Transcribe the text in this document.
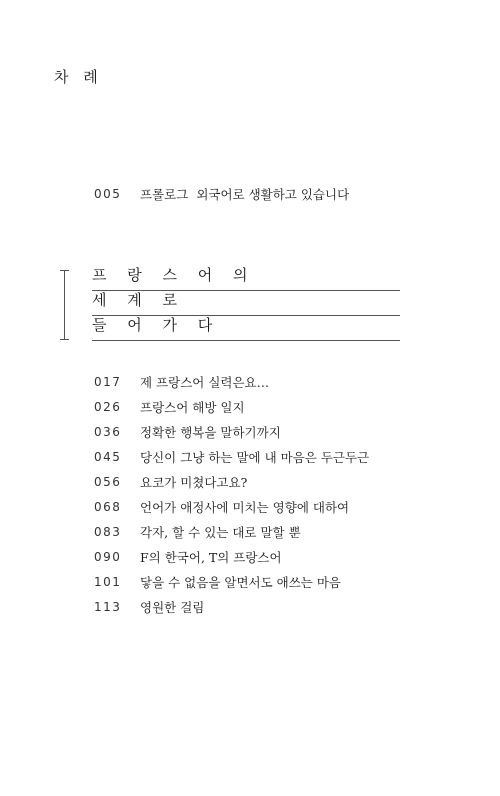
차 례
005	프롤로그 외국어로 생활하고 있습니다
프 랑 스 어 의
세 계 로
들 어 가 다
017	제 프랑스어 실력은요…
026	프랑스어 해방 일지
036	정확한 행복을 말하기까지
045	당신이 그냥 하는 말에 내 마음은 두근두근
056	요코가 미쳤다고요?
068	언어가 애정사에 미치는 영향에 대하여
083	각자, 할 수 있는 대로 말할 뿐
090	F의 한국어, T의 프랑스어
101	닿을 수 없음을 알면서도 애쓰는 마음
113	영원한 걸림
